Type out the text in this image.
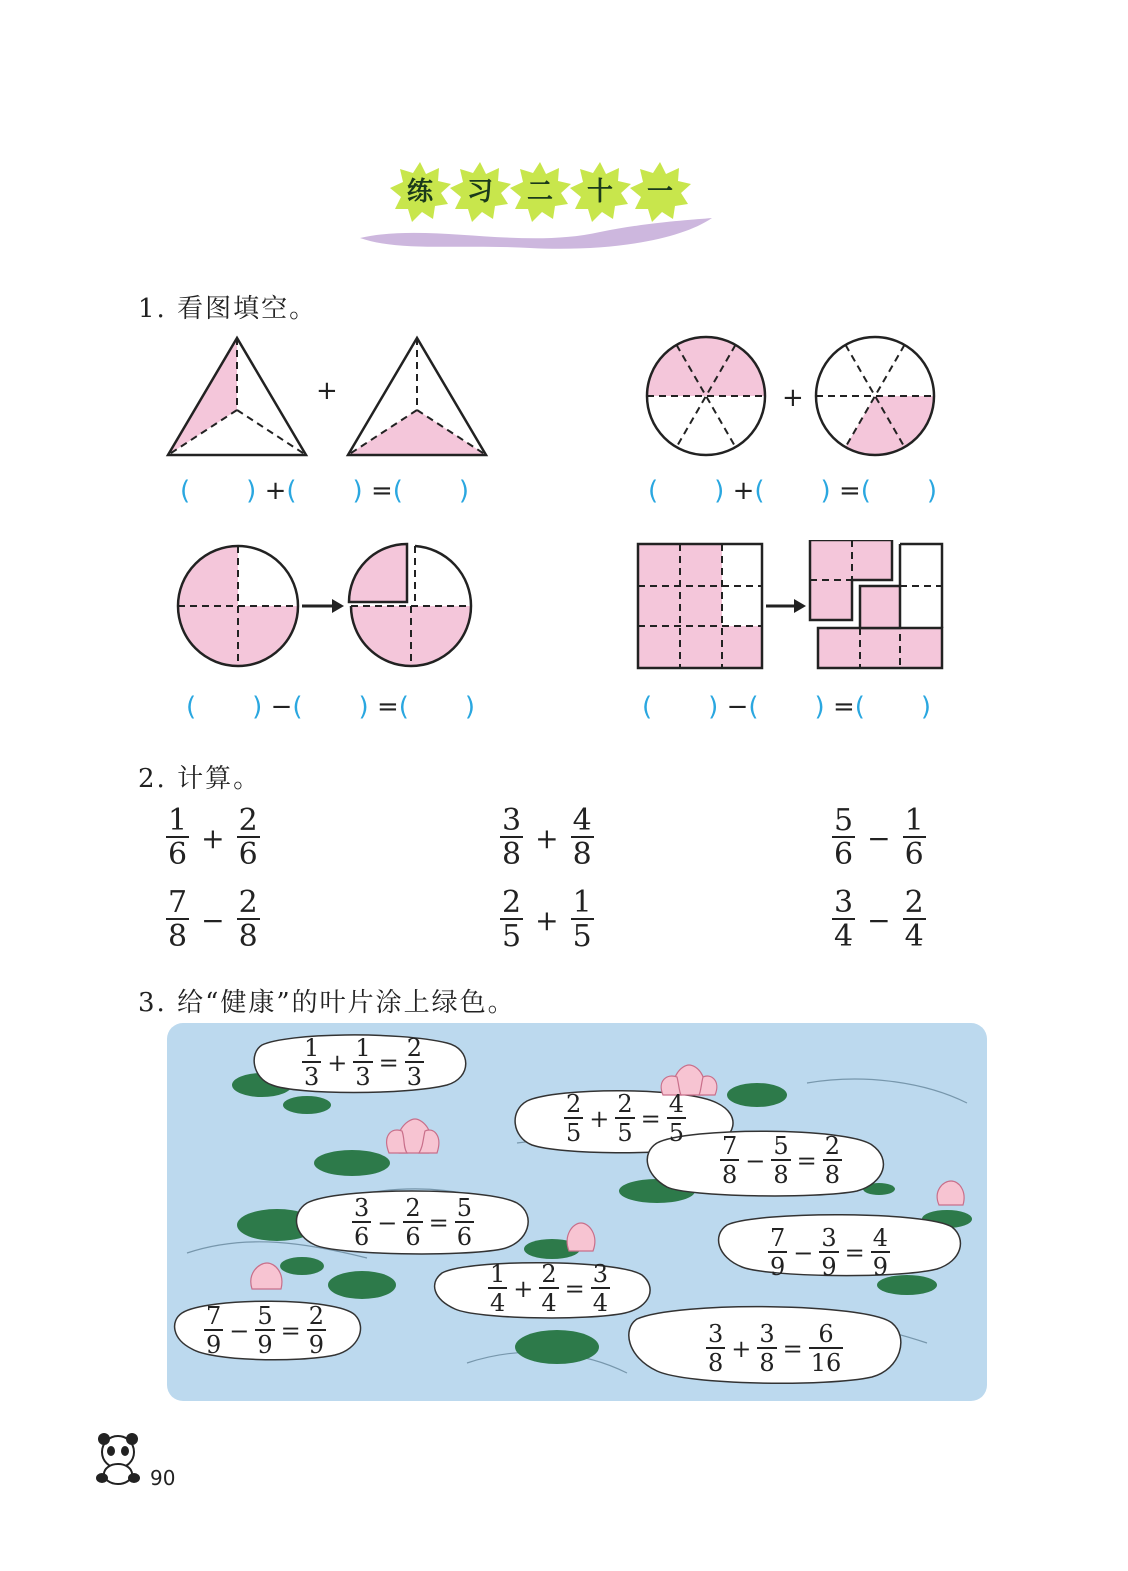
练	习	二	十	一
1. 看图填空。
+	+
( ) +( ) =( )	( ) +( ) =( )
( ) −( ) =( )	( ) −( ) =( )
2. 计算。
$\frac{1}{6} + \frac{2}{6}$	$\frac{3}{8} + \frac{4}{8}$	$\frac{5}{6} - \frac{1}{6}$
$\frac{7}{8} - \frac{2}{8}$	$\frac{2}{5} + \frac{1}{5}$	$\frac{3}{4} - \frac{2}{4}$
3. 给“健康”的叶片涂上绿色。
$\frac{1}{3} + \frac{1}{3} = \frac{2}{3}$
$\frac{2}{5} + \frac{2}{5} = \frac{4}{5}$
$\frac{7}{8} - \frac{5}{8} = \frac{2}{8}$
$\frac{3}{6} - \frac{2}{6} = \frac{5}{6}$
$\frac{7}{9} - \frac{3}{9} = \frac{4}{9}$
$\frac{1}{4} + \frac{2}{4} = \frac{3}{4}$
$\frac{7}{9} - \frac{5}{9} = \frac{2}{9}$	$\frac{3}{8} + \frac{3}{8} = \frac{6}{16}$
90
